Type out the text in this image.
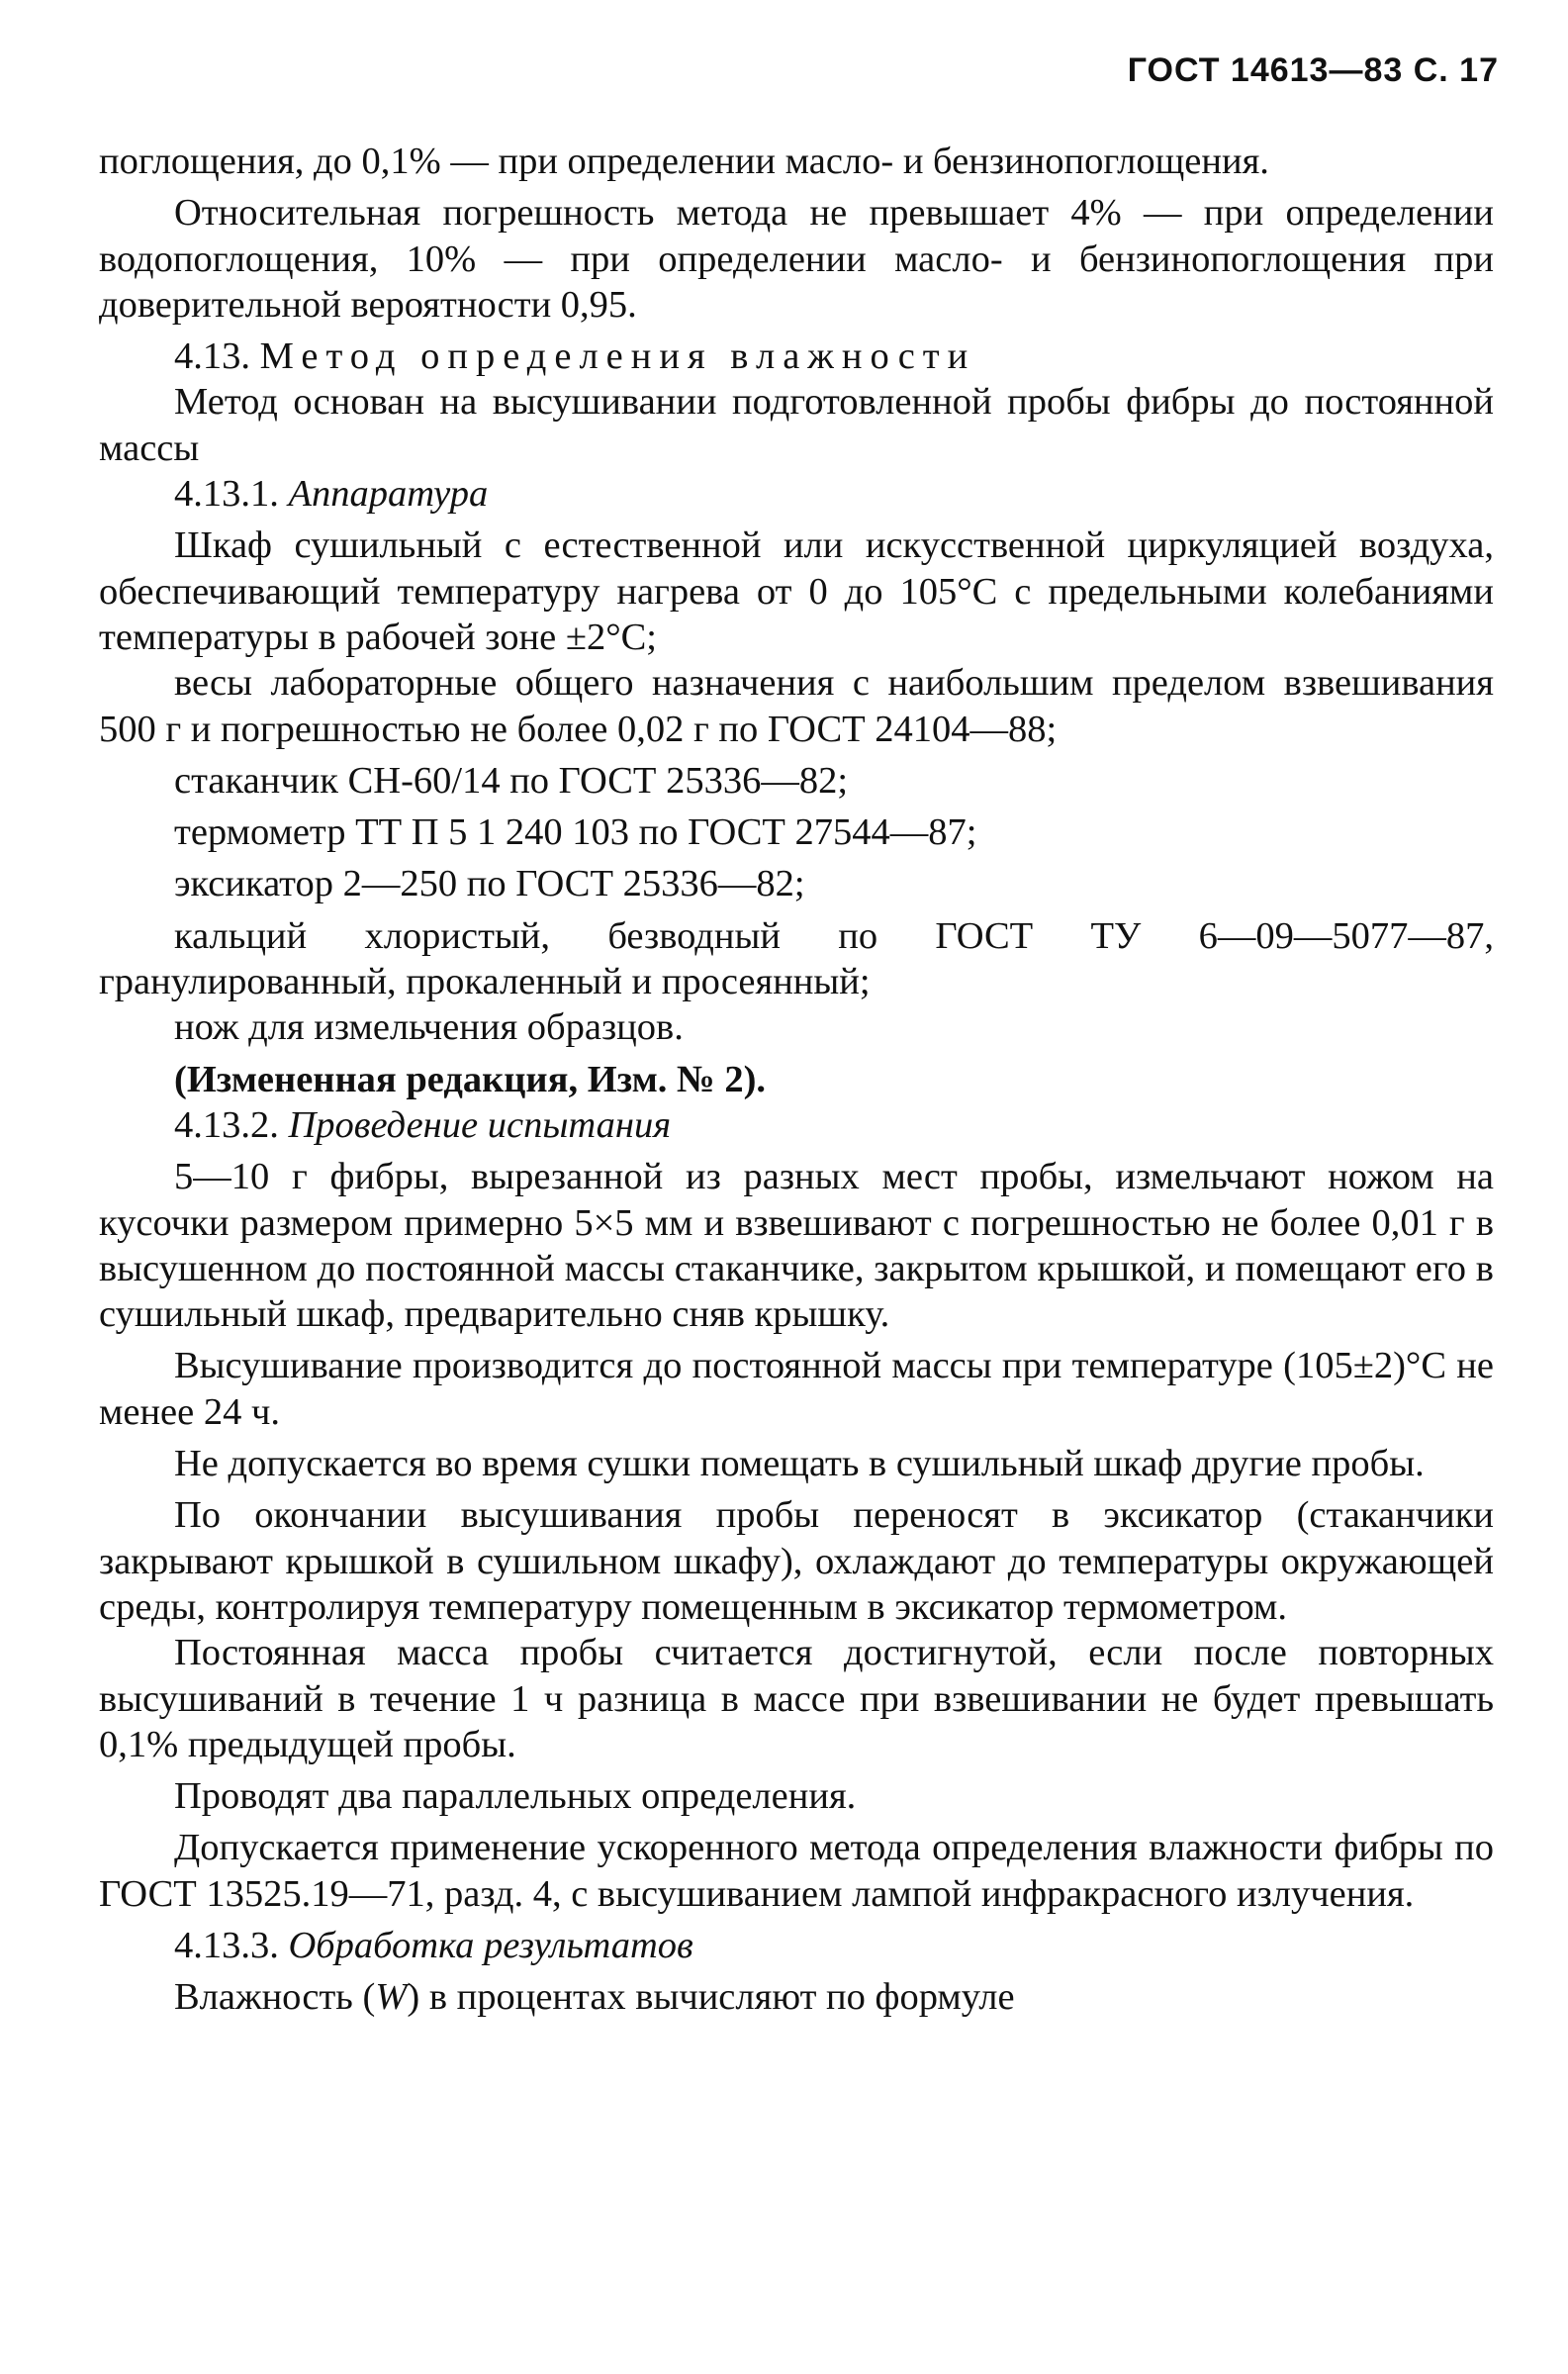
ГОСТ 14613—83 С. 17

поглощения, до 0,1% — при определении масло- и бензинопоглощения.

Относительная погрешность метода не превышает 4% — при определении водопоглощения, 10% — при определении масло- и бензинопоглощения при доверительной вероятности 0,95.

4.13. Метод определения влажности

Метод основан на высушивании подготовленной пробы фибры до постоянной массы

4.13.1. Аппаратура

Шкаф сушильный с естественной или искусственной циркуляцией воздуха, обеспечивающий температуру нагрева от 0 до 105°С с предельными колебаниями температуры в рабочей зоне ±2°С;

весы лабораторные общего назначения с наибольшим пределом взвешивания 500 г и погрешностью не более 0,02 г по ГОСТ 24104—88;

стаканчик СН-60/14 по ГОСТ 25336—82;

термометр ТТ П 5 1 240 103 по ГОСТ 27544—87;

эксикатор 2—250 по ГОСТ 25336—82;

кальций хлористый, безводный по ГОСТ ТУ 6—09—5077—87, гранулированный, прокаленный и просеянный;

нож для измельчения образцов.

(Измененная редакция, Изм. № 2).

4.13.2. Проведение испытания

5—10 г фибры, вырезанной из разных мест пробы, измельчают ножом на кусочки размером примерно 5×5 мм и взвешивают с погрешностью не более 0,01 г в высушенном до постоянной массы стаканчике, закрытом крышкой, и помещают его в сушильный шкаф, предварительно сняв крышку.

Высушивание производится до постоянной массы при температуре (105±2)°С не менее 24 ч.

Не допускается во время сушки помещать в сушильный шкаф другие пробы.

По окончании высушивания пробы переносят в эксикатор (стаканчики закрывают крышкой в сушильном шкафу), охлаждают до температуры окружающей среды, контролируя температуру помещенным в эксикатор термометром.

Постоянная масса пробы считается достигнутой, если после повторных высушиваний в течение 1 ч разница в массе при взвешивании не будет превышать 0,1% предыдущей пробы.

Проводят два параллельных определения.

Допускается применение ускоренного метода определения влажности фибры по ГОСТ 13525.19—71, разд. 4, с высушиванием лампой инфракрасного излучения.

4.13.3. Обработка результатов

Влажность (W) в процентах вычисляют по формуле
